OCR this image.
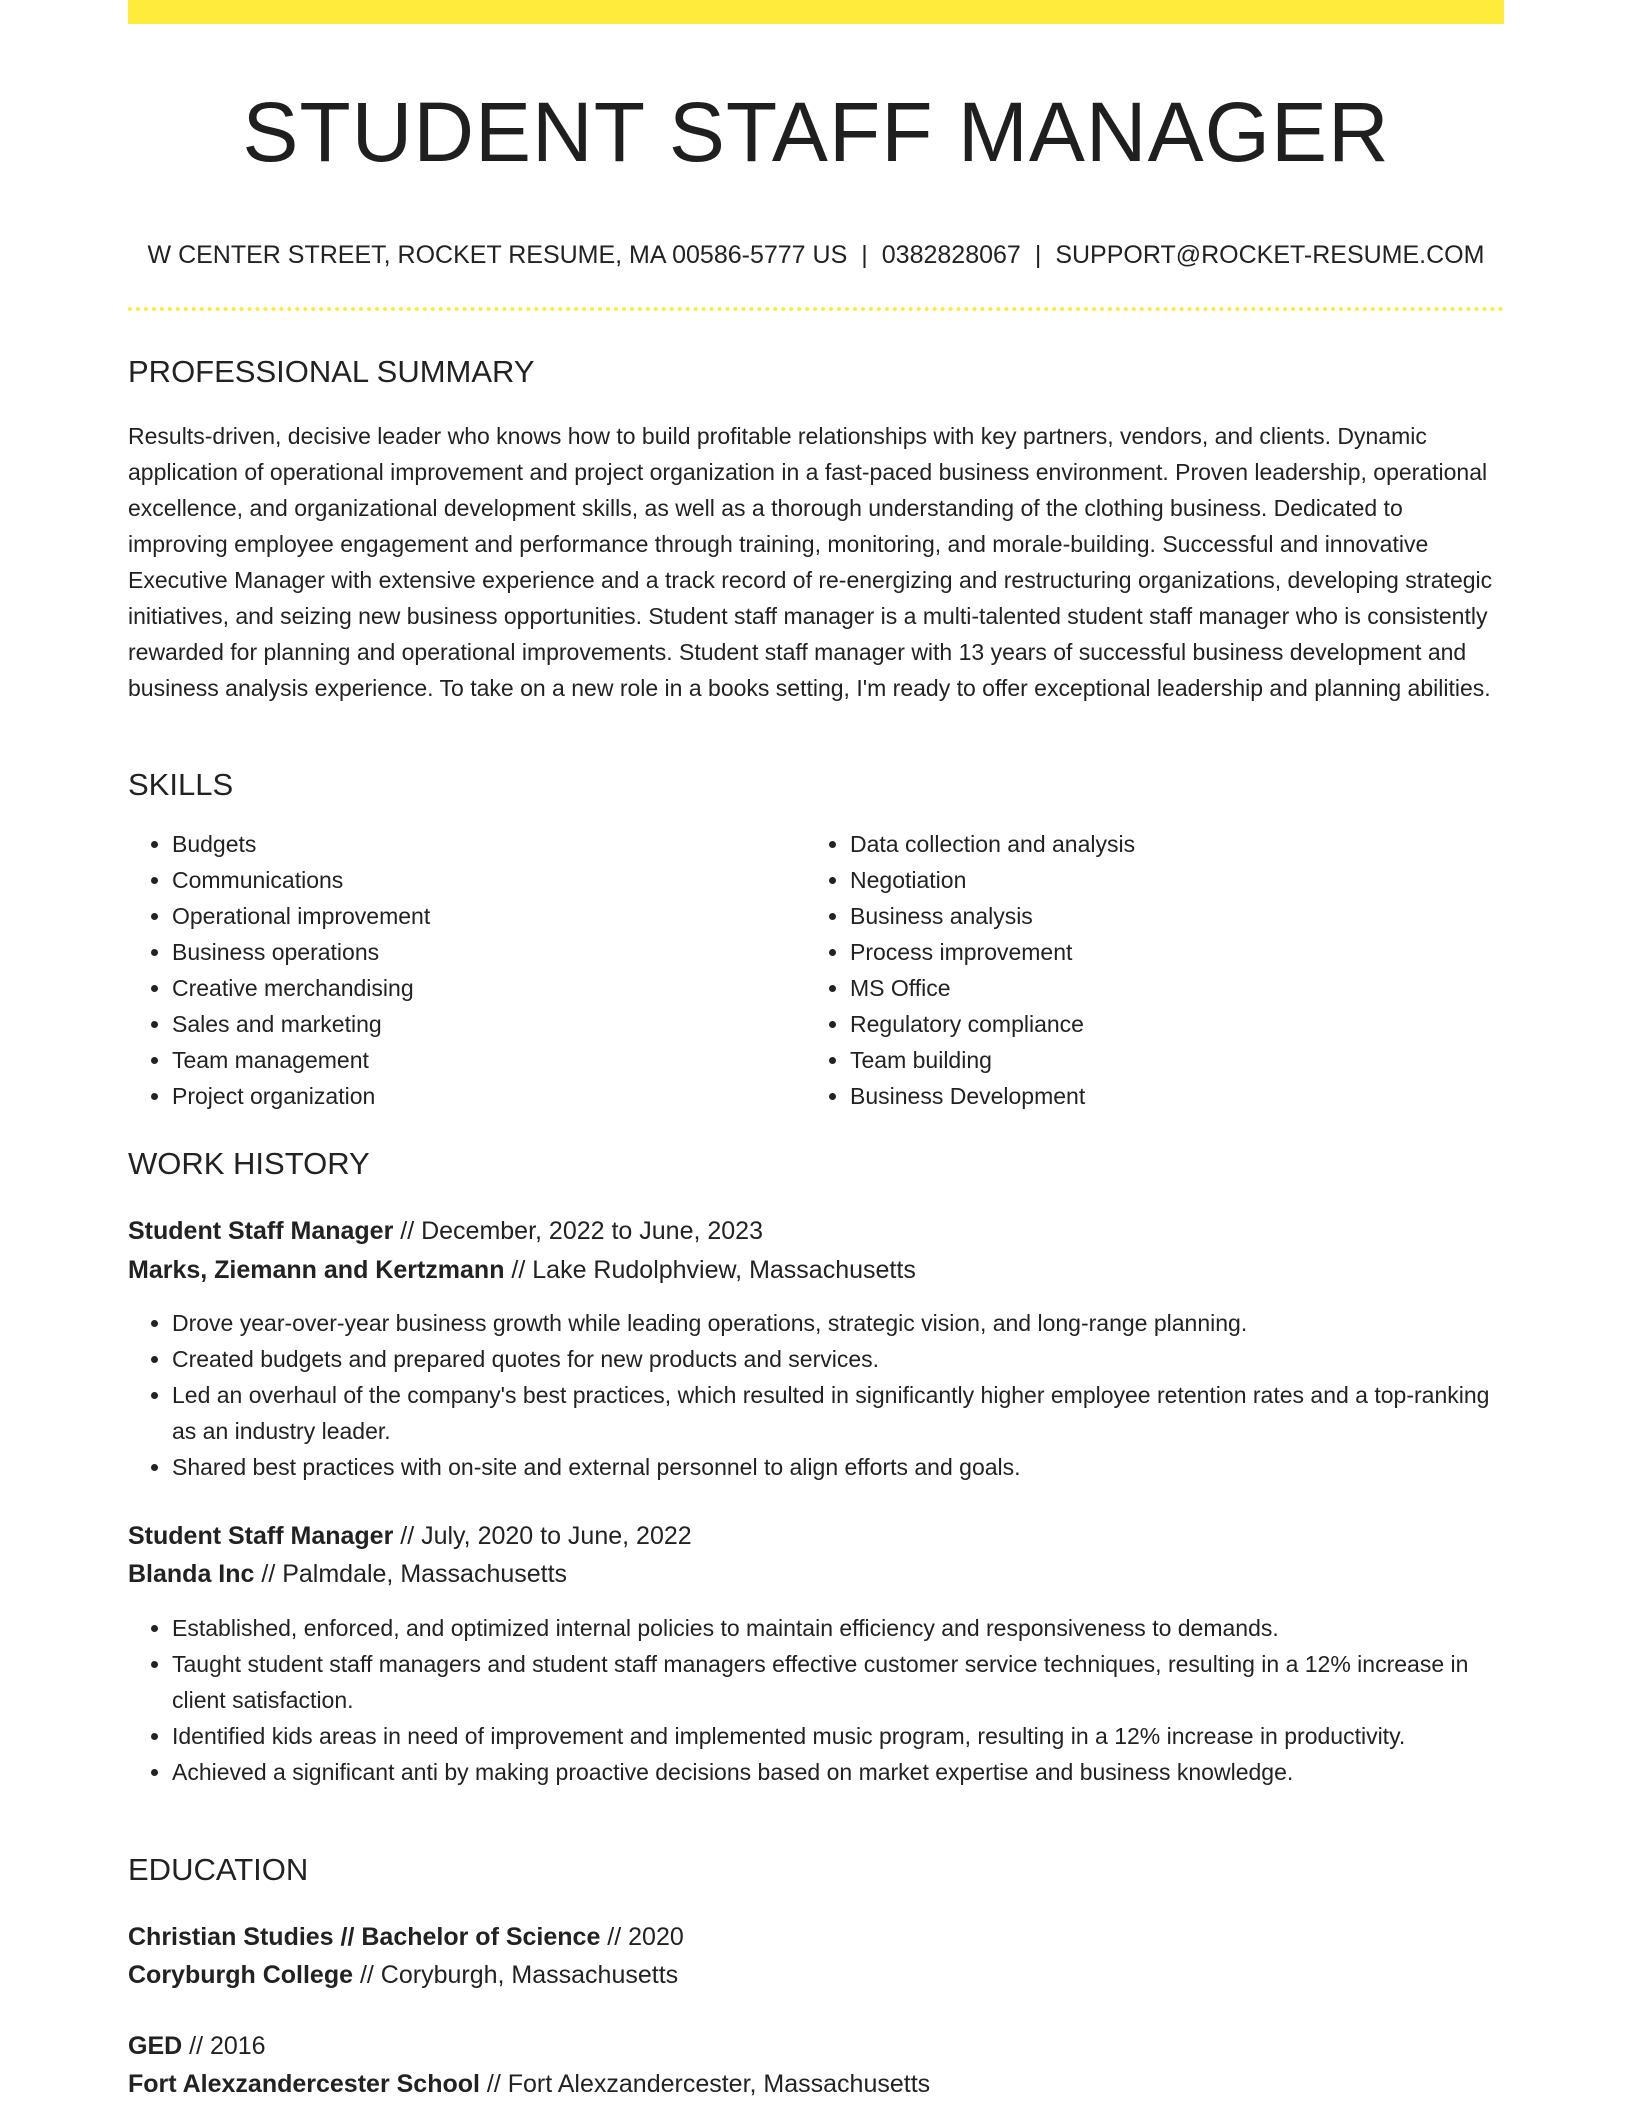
STUDENT STAFF MANAGER
W CENTER STREET, ROCKET RESUME, MA 00586-5777 US | 0382828067 | SUPPORT@ROCKET-RESUME.COM
PROFESSIONAL SUMMARY

Results-driven, decisive leader who knows how to build profitable relationships with key partners, vendors, and clients. Dynamic application of operational improvement and project organization in a fast-paced business environment. Proven leadership, operational excellence, and organizational development skills, as well as a thorough understanding of the clothing business. Dedicated to improving employee engagement and performance through training, monitoring, and morale-building. Successful and innovative Executive Manager with extensive experience and a track record of re-energizing and restructuring organizations, developing strategic initiatives, and seizing new business opportunities. Student staff manager is a multi-talented student staff manager who is consistently rewarded for planning and operational improvements. Student staff manager with 13 years of successful business development and business analysis experience. To take on a new role in a books setting, I'm ready to offer exceptional leadership and planning abilities.

SKILLS
• Budgets
• Communications
• Operational improvement
• Business operations
• Creative merchandising
• Sales and marketing
• Team management
• Project organization
• Data collection and analysis
• Negotiation
• Business analysis
• Process improvement
• MS Office
• Regulatory compliance
• Team building
• Business Development
WORK HISTORY
Student Staff Manager // December, 2022 to June, 2023
Marks, Ziemann and Kertzmann // Lake Rudolphview, Massachusetts
• Drove year-over-year business growth while leading operations, strategic vision, and long-range planning.
• Created budgets and prepared quotes for new products and services.
• Led an overhaul of the company's best practices, which resulted in significantly higher employee retention rates and a top-ranking as an industry leader.
• Shared best practices with on-site and external personnel to align efforts and goals.
Student Staff Manager // July, 2020 to June, 2022
Blanda Inc // Palmdale, Massachusetts
• Established, enforced, and optimized internal policies to maintain efficiency and responsiveness to demands.
• Taught student staff managers and student staff managers effective customer service techniques, resulting in a 12% increase in client satisfaction.
• Identified kids areas in need of improvement and implemented music program, resulting in a 12% increase in productivity.
• Achieved a significant anti by making proactive decisions based on market expertise and business knowledge.
EDUCATION
Christian Studies // Bachelor of Science // 2020
Coryburgh College // Coryburgh, Massachusetts
GED // 2016
Fort Alexzandercester School // Fort Alexzandercester, Massachusetts
